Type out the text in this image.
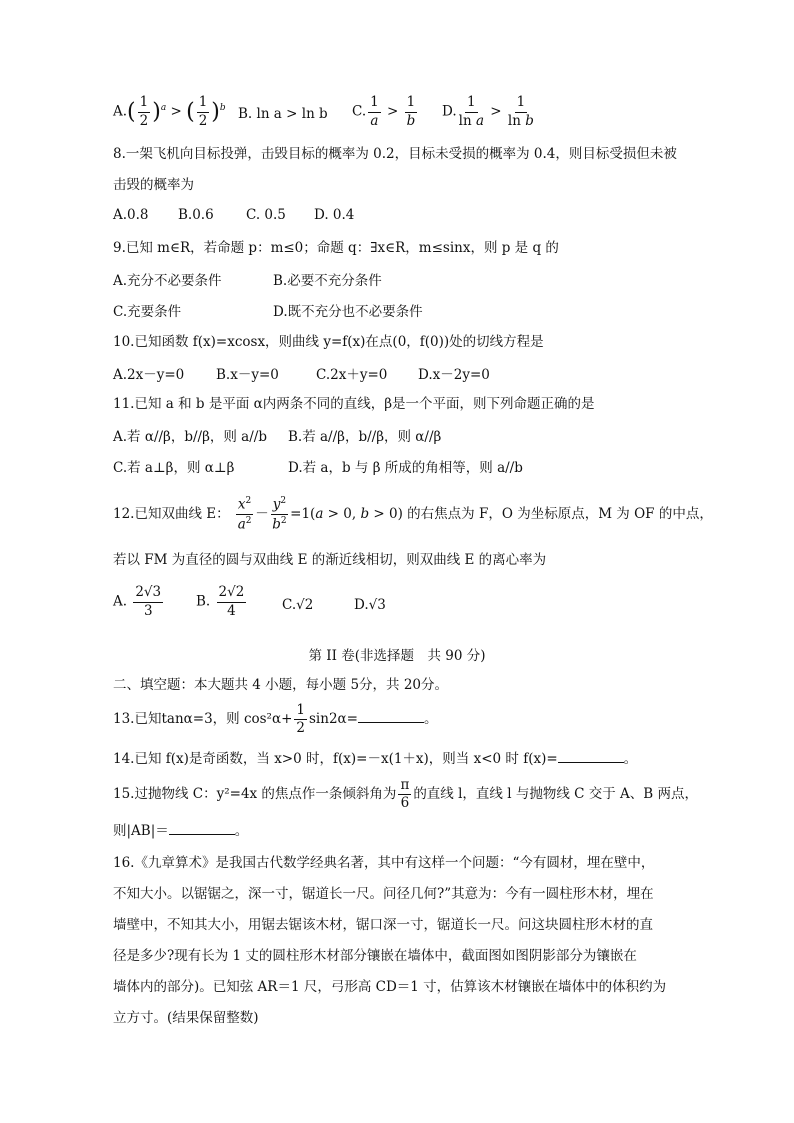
$A.( \frac{1}{2} )^a$ > ( $\frac{1}{2} )^b$ B. ln a > ln b C. $\frac{1}{a} > \frac{1}{b} D$. $\frac{1}{\text{ln a}} > \frac{1}{\text{ln b}}$
8.一架飞机向目标投弹，击毁目标的概率为 0.2，目标未受损的概率为 0.4，则目标受损但未被
击毁的概率为
A.0.8 B.0.6 C. 0.5 D. 0.4
9.已知 m∈R，若命题 p：m≤0；命题 q：∃x∈R，m≤sinx，则 p 是 q 的
A.充分不必要条件	B.必要不充分条件
C.充要条件	D.既不充分也不必要条件
10.已知函数 f(x)=xcosx，则曲线 y=f(x)在点(0，f(0))处的切线方程是
A.2x－y=0 B.x－y=0	C.2x＋y=0 D.x－2y=0
11.已知 a 和 b 是平面 α内两条不同的直线，β是一个平面，则下列命题正确的是
A.若 α//β，b//β，则 a//b B.若 a//β，b//β，则 α//β
C.若 a⊥β，则 α⊥β	D.若 a，b 与 β 所成的角相等，则 a//b
12.已知双曲线 E： $\frac{x^2}{a^2} - \frac{y^2}{b^2} =1(a > 0$, b > 0) 的右焦点为 F，O 为坐标原点，M 为 OF 的中点，
若以 FM 为直径的圆与双曲线 E 的渐近线相切，则双曲线 E 的离心率为
A. $\frac{2√3}{3} B$. $\frac{2√2}{4}$	C.√2	D.√3
第 II 卷(非选择题　共 90 分)
二、填空题：本大题共 4 小题，每小题 5分，共 20分。
13.已知tanα=3，则 $\cos^2\alpha+ \frac{1}{2} \sin 2\alpha=$	。
14.已知 f(x)是奇函数，当 x>0 时，f(x)=－x(1＋x)，则当 x<0 时 f(x)=	。
15.过抛物线 C：y²=4x 的焦点作一条倾斜角为 $\frac{\pi}{6}$ 的直线 l，直线 l 与抛物线 C 交于 A、B 两点，
则|AB|＝	。
16.《九章算术》是我国古代数学经典名著，其中有这样一个问题：“今有圆材，埋在壁中，
不知大小。以锯锯之，深一寸，锯道长一尺。问径几何?”其意为：今有一圆柱形木材，埋在
墙壁中，不知其大小，用锯去锯该木材，锯口深一寸，锯道长一尺。问这块圆柱形木材的直
径是多少?现有长为 1 丈的圆柱形木材部分镶嵌在墙体中，截面图如图阴影部分为镶嵌在
墙体内的部分)。已知弦 AR＝1 尺，弓形高 CD＝1 寸，估算该木材镶嵌在墙体中的体积约为
立方寸。(结果保留整数)
